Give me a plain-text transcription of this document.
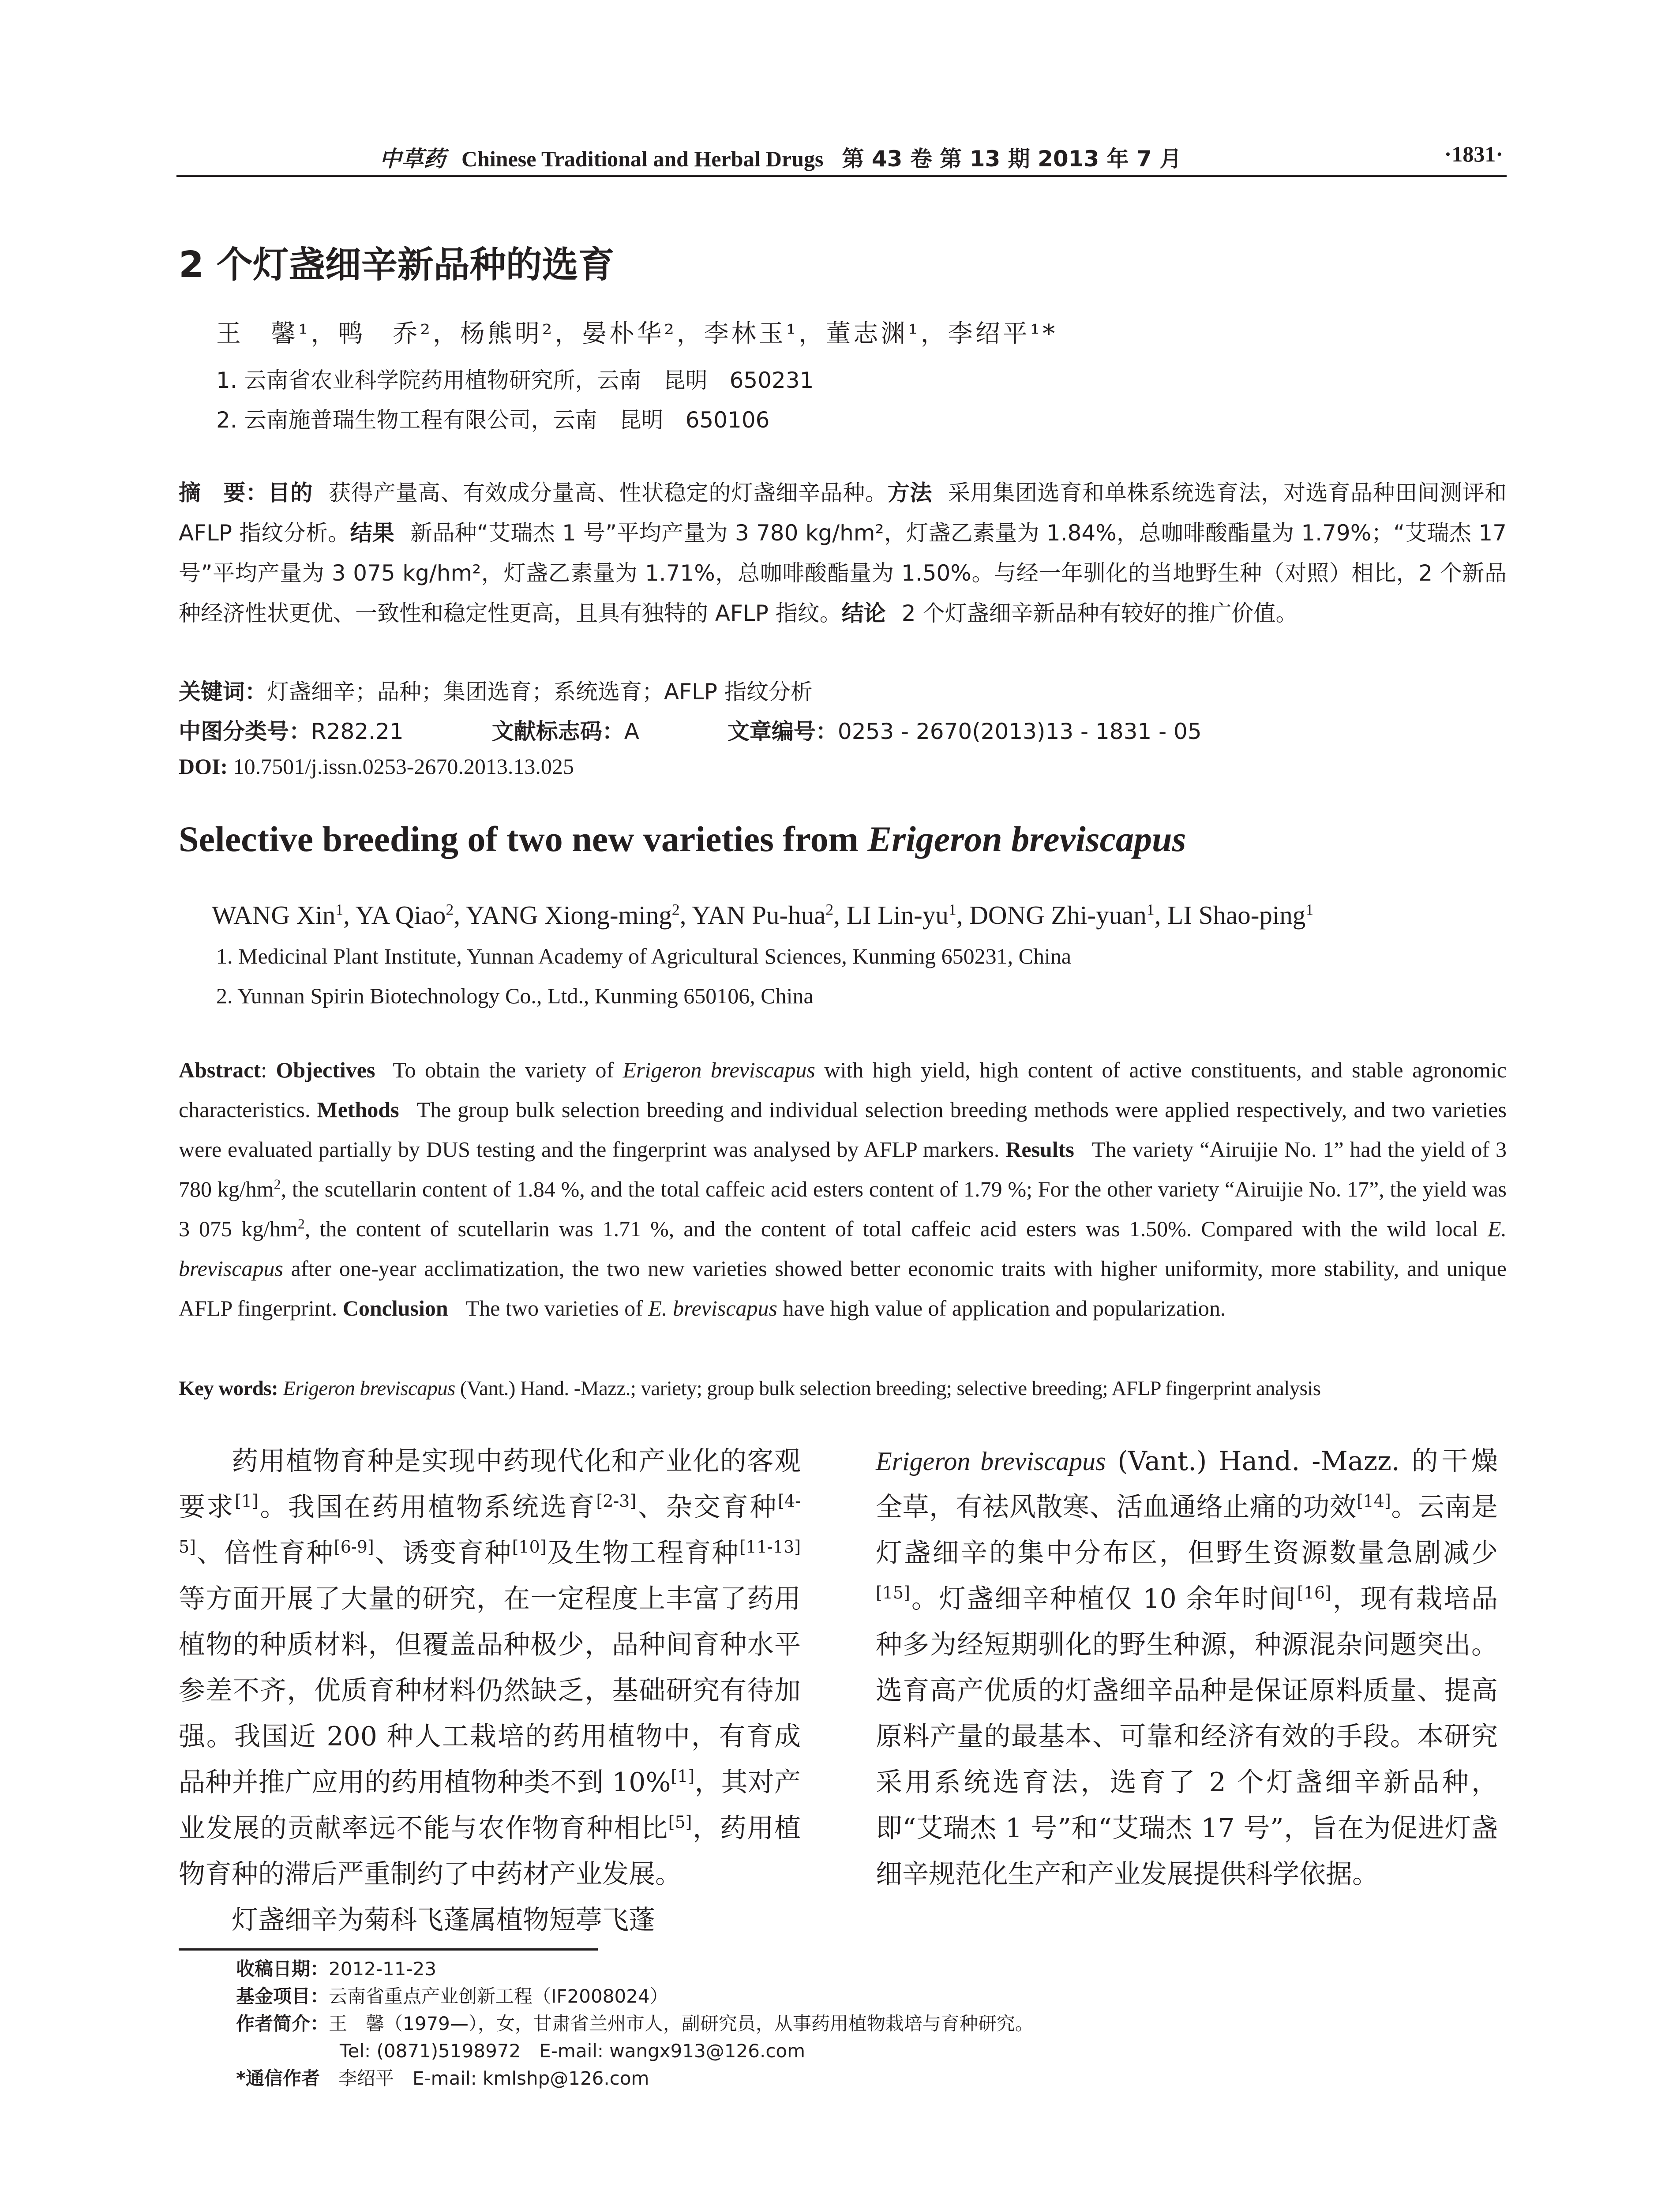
中草药 Chinese Traditional and Herbal Drugs 第 43 卷 第 13 期 2013 年 7 月	·1831·
2 个灯盏细辛新品种的选育
王　馨¹，鸭　乔²，杨熊明²，晏朴华²，李林玉¹，董志渊¹，李绍平¹*
1. 云南省农业科学院药用植物研究所，云南　昆明　650231
2. 云南施普瑞生物工程有限公司，云南　昆明　650106
摘　要：目的 获得产量高、有效成分量高、性状稳定的灯盏细辛品种。方法 采用集团选育和单株系统选育法，对选育品种田间测评和 AFLP 指纹分析。结果 新品种“艾瑞杰 1 号”平均产量为 3 780 kg/hm²，灯盏乙素量为 1.84%，总咖啡酸酯量为 1.79%；“艾瑞杰 17 号”平均产量为 3 075 kg/hm²，灯盏乙素量为 1.71%，总咖啡酸酯量为 1.50%。与经一年驯化的当地野生种（对照）相比，2 个新品种经济性状更优、一致性和稳定性更高，且具有独特的 AFLP 指纹。结论 2 个灯盏细辛新品种有较好的推广价值。
关键词：灯盏细辛；品种；集团选育；系统选育；AFLP 指纹分析
中图分类号：R282.21	文献标志码：A	文章编号：0253 - 2670(2013)13 - 1831 - 05
DOI: 10.7501/j.issn.0253-2670.2013.13.025
Selective breeding of two new varieties from Erigeron breviscapus
WANG Xin$^1$, YA Qiao$^2$, YANG Xiong-ming$^2$, YAN Pu-hua$^2$, LI Lin-$yu^1$, DONG Zhi-yuan$^1$, LI Shao-ping$^1$
1. Medicinal Plant Institute, Yunnan Academy of Agricultural Sciences, Kunming 650231, China
2. Yunnan Spirin Biotechnology Co., Ltd., Kunming 650106, China
Abstract: Objectives To obtain the variety of Erigeron breviscapus with high yield, high content of active constituents, and stable agronomic characteristics. Methods The group bulk selection breeding and individual selection breeding methods were applied respectively, and two varieties were evaluated partially by DUS testing and the fingerprint was analysed by AFLP markers. Results The variety “Airuijie No. 1” had the yield of 3 780 $kg/hm^2$, the scutellarin content of 1.84 %, and the total caffeic acid esters content of 1.79 %; For the other variety “Airuijie No. 17”, the yield was 3 075 $kg/hm^2$, the content of scutellarin was 1.71 %, and the content of total caffeic acid esters was 1.50%. Compared with the wild local E. breviscapus after one-year acclimatization, the two new varieties showed better economic traits with higher uniformity, more stability, and unique AFLP fingerprint. Conclusion The two varieties of E. breviscapus have high value of application and popularization.
Key words: Erigeron breviscapus (Vant.) Hand. -Mazz.; variety; group bulk selection breeding; selective breeding; AFLP fingerprint analysis

药用植物育种是实现中药现代化和产业化的客观要求[1]。我国在药用植物系统选育[2-3]、杂交育种[4-5]、倍性育种[6-9]、诱变育种[10]及生物工程育种[11-13]等方面开展了大量的研究，在一定程度上丰富了药用植物的种质材料，但覆盖品种极少，品种间育种水平参差不齐，优质育种材料仍然缺乏，基础研究有待加强。我国近 200 种人工栽培的药用植物中，有育成品种并推广应用的药用植物种类不到 10%[1]，其对产业发展的贡献率远不能与农作物育种相比[5]，药用植物育种的滞后严重制约了中药材产业发展。

灯盏细辛为菊科飞蓬属植物短葶飞蓬

Erigeron breviscapus (Vant.) Hand. -Mazz. 的干燥全草，有祛风散寒、活血通络止痛的功效[14]。云南是灯盏细辛的集中分布区，但野生资源数量急剧减少[15]。灯盏细辛种植仅 10 余年时间[16]，现有栽培品种多为经短期驯化的野生种源，种源混杂问题突出。选育高产优质的灯盏细辛品种是保证原料质量、提高原料产量的最基本、可靠和经济有效的手段。本研究采用系统选育法，选育了 2 个灯盏细辛新品种，即“艾瑞杰 1 号”和“艾瑞杰 17 号”，旨在为促进灯盏细辛规范化生产和产业发展提供科学依据。

收稿日期：2012-11-23
基金项目：云南省重点产业创新工程（IF2008024）
作者简介：王　馨（1979—），女，甘肃省兰州市人，副研究员，从事药用植物栽培与育种研究。
Tel: (0871)5198972　E-mail: wangx913@126.com
*通信作者　 李绍平　E-mail: kmlshp@126.com
